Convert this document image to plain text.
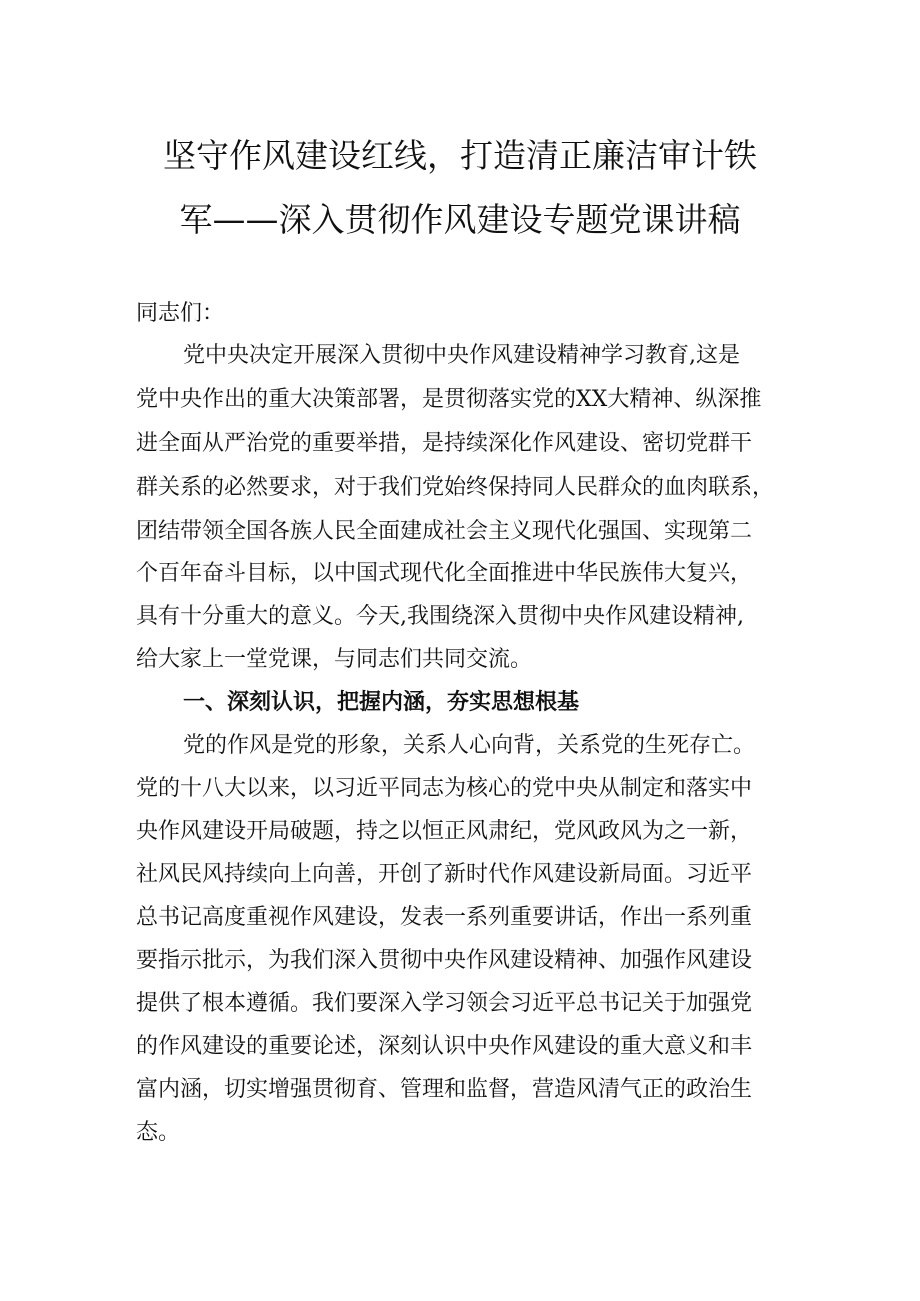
坚守作风建设红线，打造清正廉洁审计铁
军——深入贯彻作风建设专题党课讲稿
同志们：
党中央决定开展深入贯彻中央作风建设精神学习教育,这是
党中央作出的重大决策部署，是贯彻落实党的XX大精神、纵深推
进全面从严治党的重要举措，是持续深化作风建设、密切党群干
群关系的必然要求，对于我们党始终保持同人民群众的血肉联系，
团结带领全国各族人民全面建成社会主义现代化强国、实现第二
个百年奋斗目标，以中国式现代化全面推进中华民族伟大复兴，
具有十分重大的意义。今天,我围绕深入贯彻中央作风建设精神,
给大家上一堂党课，与同志们共同交流。
一、深刻认识，把握内涵，夯实思想根基
党的作风是党的形象，关系人心向背，关系党的生死存亡。
党的十八大以来，以习近平同志为核心的党中央从制定和落实中
央作风建设开局破题，持之以恒正风肃纪，党风政风为之一新，
社风民风持续向上向善，开创了新时代作风建设新局面。习近平
总书记高度重视作风建设，发表一系列重要讲话，作出一系列重
要指示批示，为我们深入贯彻中央作风建设精神、加强作风建设
提供了根本遵循。我们要深入学习领会习近平总书记关于加强党
的作风建设的重要论述，深刻认识中央作风建设的重大意义和丰
富内涵，切实增强贯彻育、管理和监督，营造风清气正的政治生
态。
